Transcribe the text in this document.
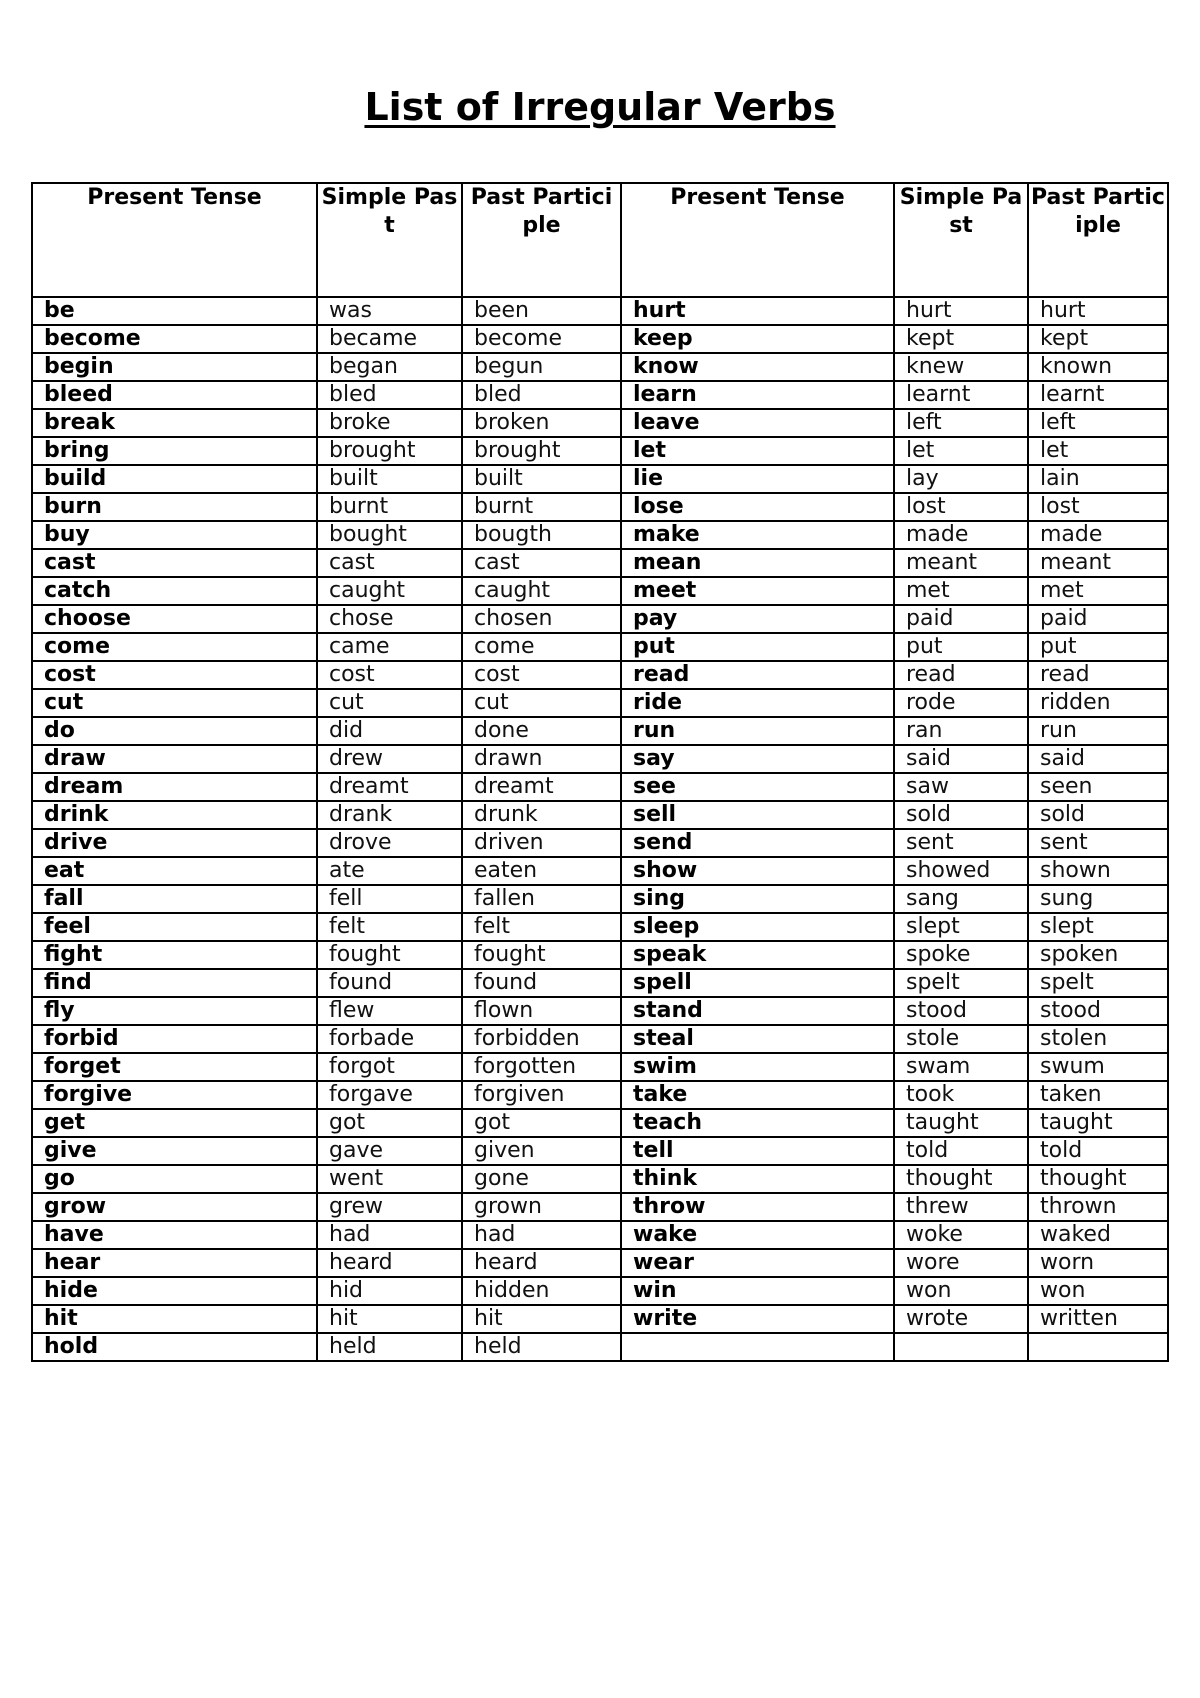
List of Irregular Verbs
Present Tense	Simple Past	Past Participle	Present Tense	Simple Past	Past Participle
be	was	been	hurt	hurt	hurt
become	became	become	keep	kept	kept
begin	began	begun	know	knew	known
bleed	bled	bled	learn	learnt	learnt
break	broke	broken	leave	left	left
bring	brought	brought	let	let	let
build	built	built	lie	lay	lain
burn	burnt	burnt	lose	lost	lost
buy	bought	bougth	make	made	made
cast	cast	cast	mean	meant	meant
catch	caught	caught	meet	met	met
choose	chose	chosen	pay	paid	paid
come	came	come	put	put	put
cost	cost	cost	read	read	read
cut	cut	cut	ride	rode	ridden
do	did	done	run	ran	run
draw	drew	drawn	say	said	said
dream	dreamt	dreamt	see	saw	seen
drink	drank	drunk	sell	sold	sold
drive	drove	driven	send	sent	sent
eat	ate	eaten	show	showed	shown
fall	fell	fallen	sing	sang	sung
feel	felt	felt	sleep	slept	slept
fight	fought	fought	speak	spoke	spoken
find	found	found	spell	spelt	spelt
fly	flew	flown	stand	stood	stood
forbid	forbade	forbidden	steal	stole	stolen
forget	forgot	forgotten	swim	swam	swum
forgive	forgave	forgiven	take	took	taken
get	got	got	teach	taught	taught
give	gave	given	tell	told	told
go	went	gone	think	thought	thought
grow	grew	grown	throw	threw	thrown
have	had	had	wake	woke	waked
hear	heard	heard	wear	wore	worn
hide	hid	hidden	win	won	won
hit	hit	hit	write	wrote	written
hold	held	held			
